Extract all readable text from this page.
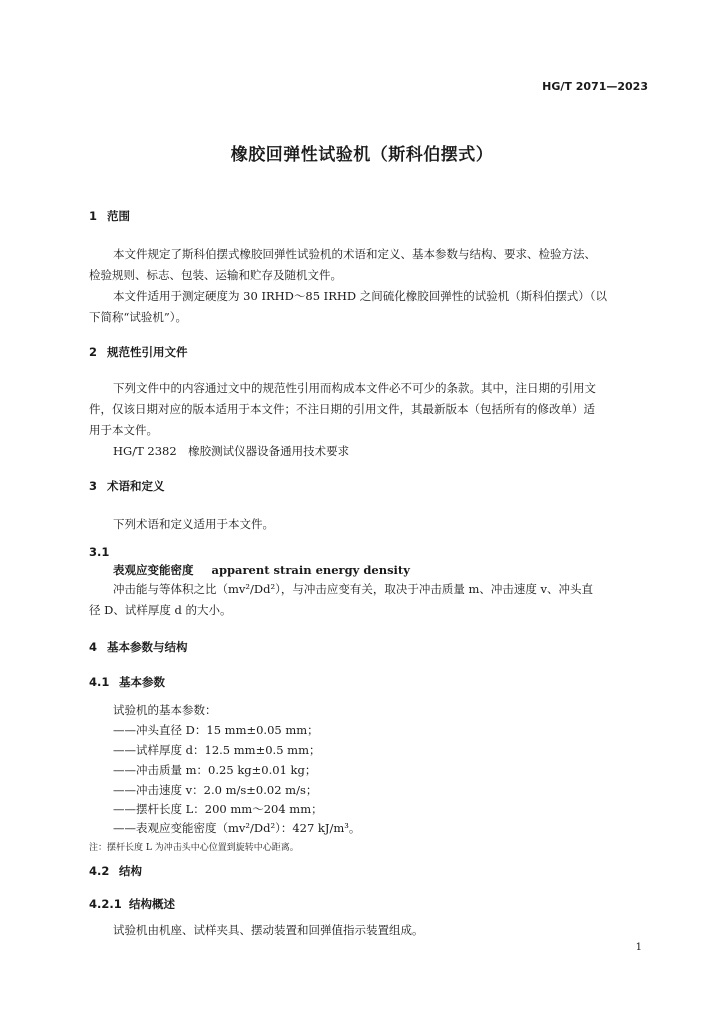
HG/T 2071—2023
橡胶回弹性试验机（斯科伯摆式）
1 范围
本文件规定了斯科伯摆式橡胶回弹性试验机的术语和定义、基本参数与结构、要求、检验方法、
检验规则、标志、包装、运输和贮存及随机文件。
本文件适用于测定硬度为 30 IRHD～85 IRHD 之间硫化橡胶回弹性的试验机（斯科伯摆式）（以
下简称“试验机”）。
2 规范性引用文件
下列文件中的内容通过文中的规范性引用而构成本文件必不可少的条款。其中，注日期的引用文
件，仅该日期对应的版本适用于本文件；不注日期的引用文件，其最新版本（包括所有的修改单）适
用于本文件。
HG/T 2382　橡胶测试仪器设备通用技术要求
3 术语和定义
下列术语和定义适用于本文件。
3.1
表观应变能密度 apparent strain energy density
冲击能与等体积之比（mv²/Dd²），与冲击应变有关，取决于冲击质量 m、冲击速度 v、冲头直
径 D、试样厚度 d 的大小。
4 基本参数与结构
4.1 基本参数
试验机的基本参数：
——冲头直径 D：15 mm±0.05 mm；
——试样厚度 d：12.5 mm±0.5 mm；
——冲击质量 m：0.25 kg±0.01 kg；
——冲击速度 v：2.0 m/s±0.02 m/s；
——摆杆长度 L：200 mm～204 mm；
——表观应变能密度（mv²/Dd²）：427 kJ/m³。
注：摆杆长度 L 为冲击头中心位置到旋转中心距离。
4.2 结构
4.2.1 结构概述
试验机由机座、试样夹具、摆动装置和回弹值指示装置组成。
1
